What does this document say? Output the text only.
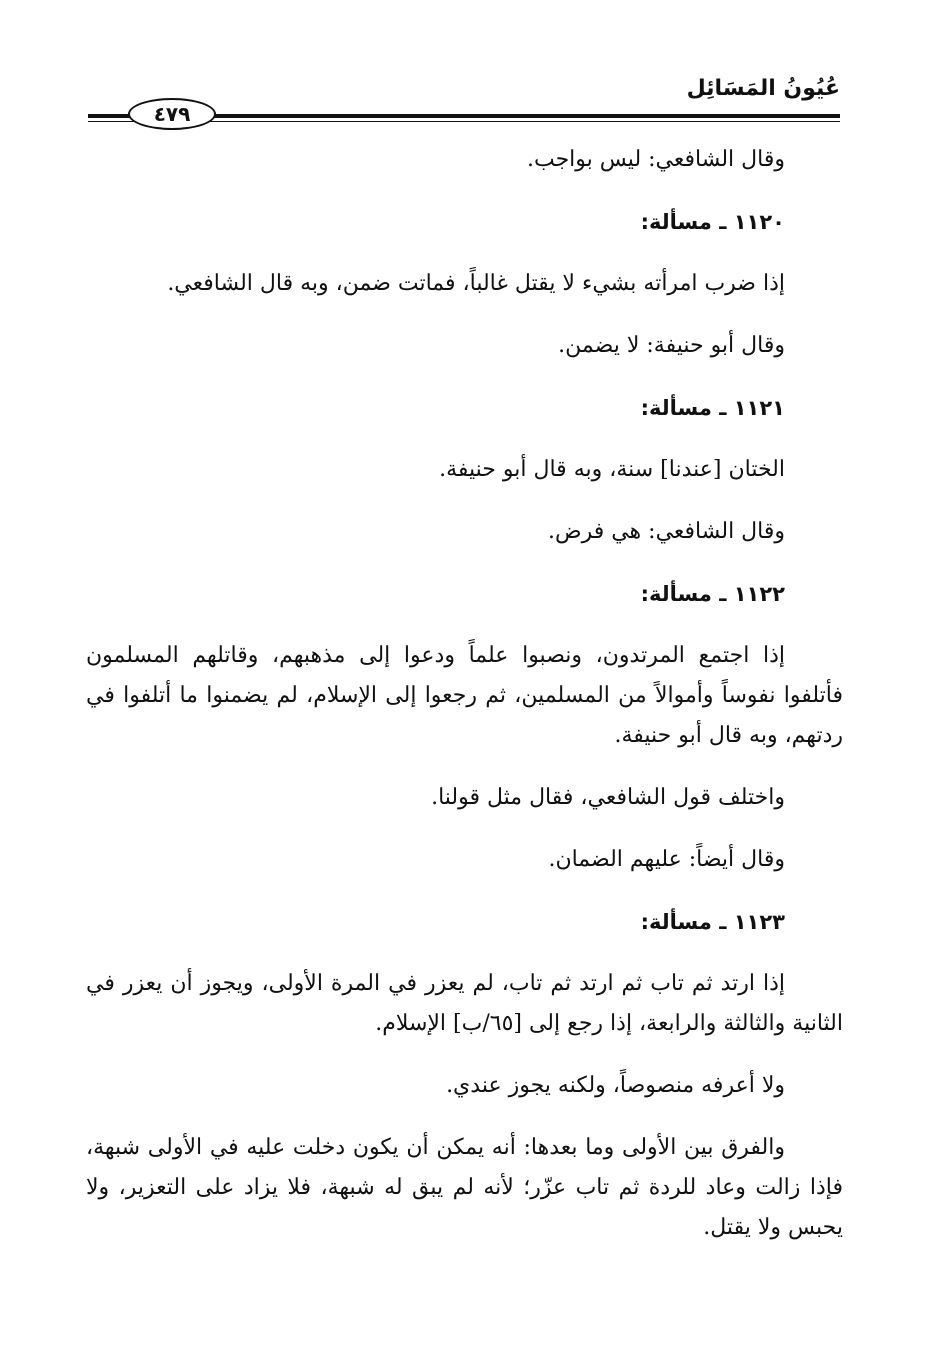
عُيُونُ المَسَائِل
٤٧٩

وقال الشافعي: ليس بواجب.

١١٢٠ ـ مسألة:

إذا ضرب امرأته بشيء لا يقتل غالباً، فماتت ضمن، وبه قال الشافعي.

وقال أبو حنيفة: لا يضمن.

١١٢١ ـ مسألة:

الختان [عندنا] سنة، وبه قال أبو حنيفة.

وقال الشافعي: هي فرض.

١١٢٢ ـ مسألة:

إذا اجتمع المرتدون، ونصبوا علماً ودعوا إلى مذهبهم، وقاتلهم المسلمون فأتلفوا نفوساً وأموالاً من المسلمين، ثم رجعوا إلى الإسلام، لم يضمنوا ما أتلفوا في ردتهم، وبه قال أبو حنيفة.

واختلف قول الشافعي، فقال مثل قولنا.

وقال أيضاً: عليهم الضمان.

١١٢٣ ـ مسألة:

إذا ارتد ثم تاب ثم ارتد ثم تاب، لم يعزر في المرة الأولى، ويجوز أن يعزر في الثانية والثالثة والرابعة، إذا رجع إلى [٦٥/ب] الإسلام.

ولا أعرفه منصوصاً، ولكنه يجوز عندي.

والفرق بين الأولى وما بعدها: أنه يمكن أن يكون دخلت عليه في الأولى شبهة، فإذا زالت وعاد للردة ثم تاب عزّر؛ لأنه لم يبق له شبهة، فلا يزاد على التعزير، ولا يحبس ولا يقتل.
